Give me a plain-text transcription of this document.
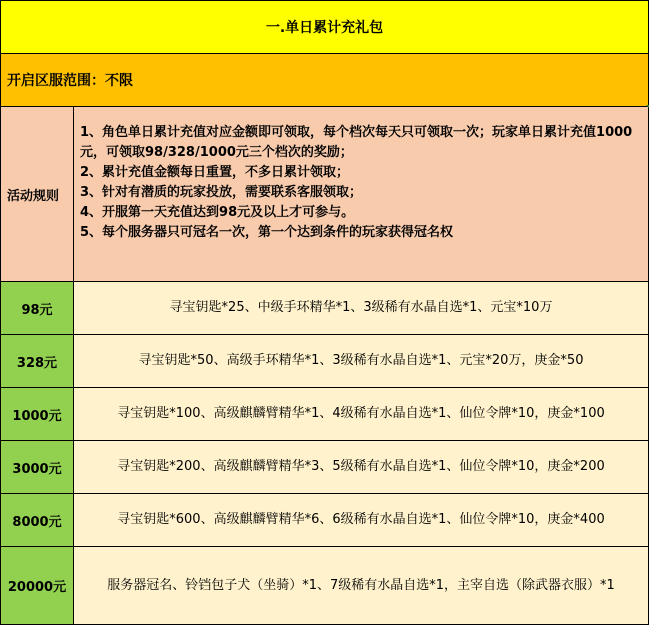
一.单日累计充礼包	
开启区服范围：不限	

活动规则	1、角色单日累计充值对应金额即可领取，每个档次每天只可领取一次；玩家单日累计充值1000元，可领取98/328/1000元三个档次的奖励；
2、累计充值金额每日重置，不多日累计领取；
3、针对有潜质的玩家投放，需要联系客服领取；
4、开服第一天充值达到98元及以上才可参与。
5、每个服务器只可冠名一次，第一个达到条件的玩家获得冠名权

98元	寻宝钥匙*25、中级手环精华*1、3级稀有水晶自选*1、元宝*10万
328元	寻宝钥匙*50、高级手环精华*1、3级稀有水晶自选*1、元宝*20万，庚金*50
1000元	寻宝钥匙*100、高级麒麟臂精华*1、4级稀有水晶自选*1、仙位令牌*10，庚金*100
3000元	寻宝钥匙*200、高级麒麟臂精华*3、5级稀有水晶自选*1、仙位令牌*10，庚金*200
8000元	寻宝钥匙*600、高级麒麟臂精华*6、6级稀有水晶自选*1、仙位令牌*10，庚金*400
20000元	服务器冠名、铃铛包子犬（坐骑）*1、7级稀有水晶自选*1，主宰自选（除武器衣服）*1
